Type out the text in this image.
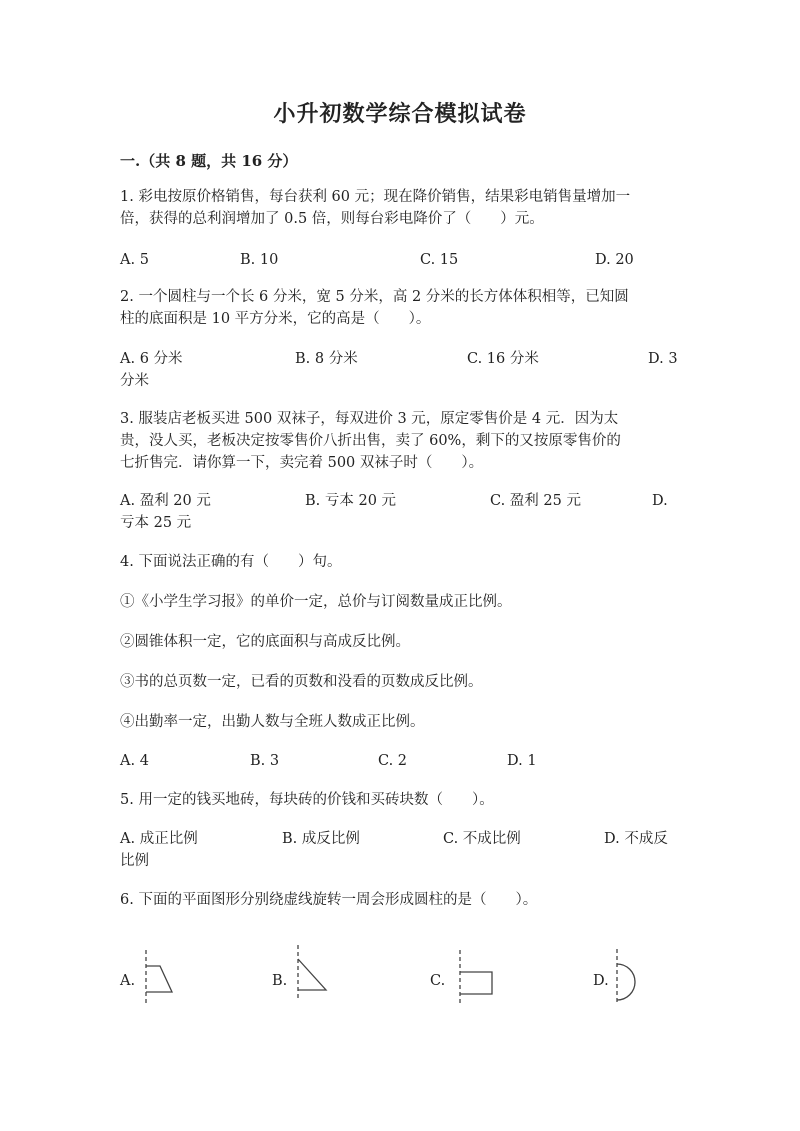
小升初数学综合模拟试卷
一.（共 8 题，共 16 分）
1. 彩电按原价格销售，每台获利 60 元；现在降价销售，结果彩电销售量增加一
倍，获得的总利润增加了 0.5 倍，则每台彩电降价了（　　）元。
A. 5	B. 10	C. 15	D. 20
2. 一个圆柱与一个长 6 分米，宽 5 分米，高 2 分米的长方体体积相等，已知圆
柱的底面积是 10 平方分米，它的高是（　　）。
A. 6 分米	B. 8 分米	C. 16 分米	D. 3
分米
3. 服装店老板买进 500 双袜子，每双进价 3 元，原定零售价是 4 元．因为太
贵，没人买，老板决定按零售价八折出售，卖了 60%，剩下的又按原零售价的
七折售完．请你算一下，卖完着 500 双袜子时（　　）。
A. 盈利 20 元	B. 亏本 20 元	C. 盈利 25 元	D.
亏本 25 元
4. 下面说法正确的有（　　）句。
①《小学生学习报》的单价一定，总价与订阅数量成正比例。
②圆锥体积一定，它的底面积与高成反比例。
③书的总页数一定，已看的页数和没看的页数成反比例。
④出勤率一定，出勤人数与全班人数成正比例。
A. 4	B. 3	C. 2	D. 1
5. 用一定的钱买地砖，每块砖的价钱和买砖块数（　　）。
A. 成正比例	B. 成反比例	C. 不成比例	D. 不成反
比例
6. 下面的平面图形分别绕虚线旋转一周会形成圆柱的是（　　）。
A.	B.	C.	D.
